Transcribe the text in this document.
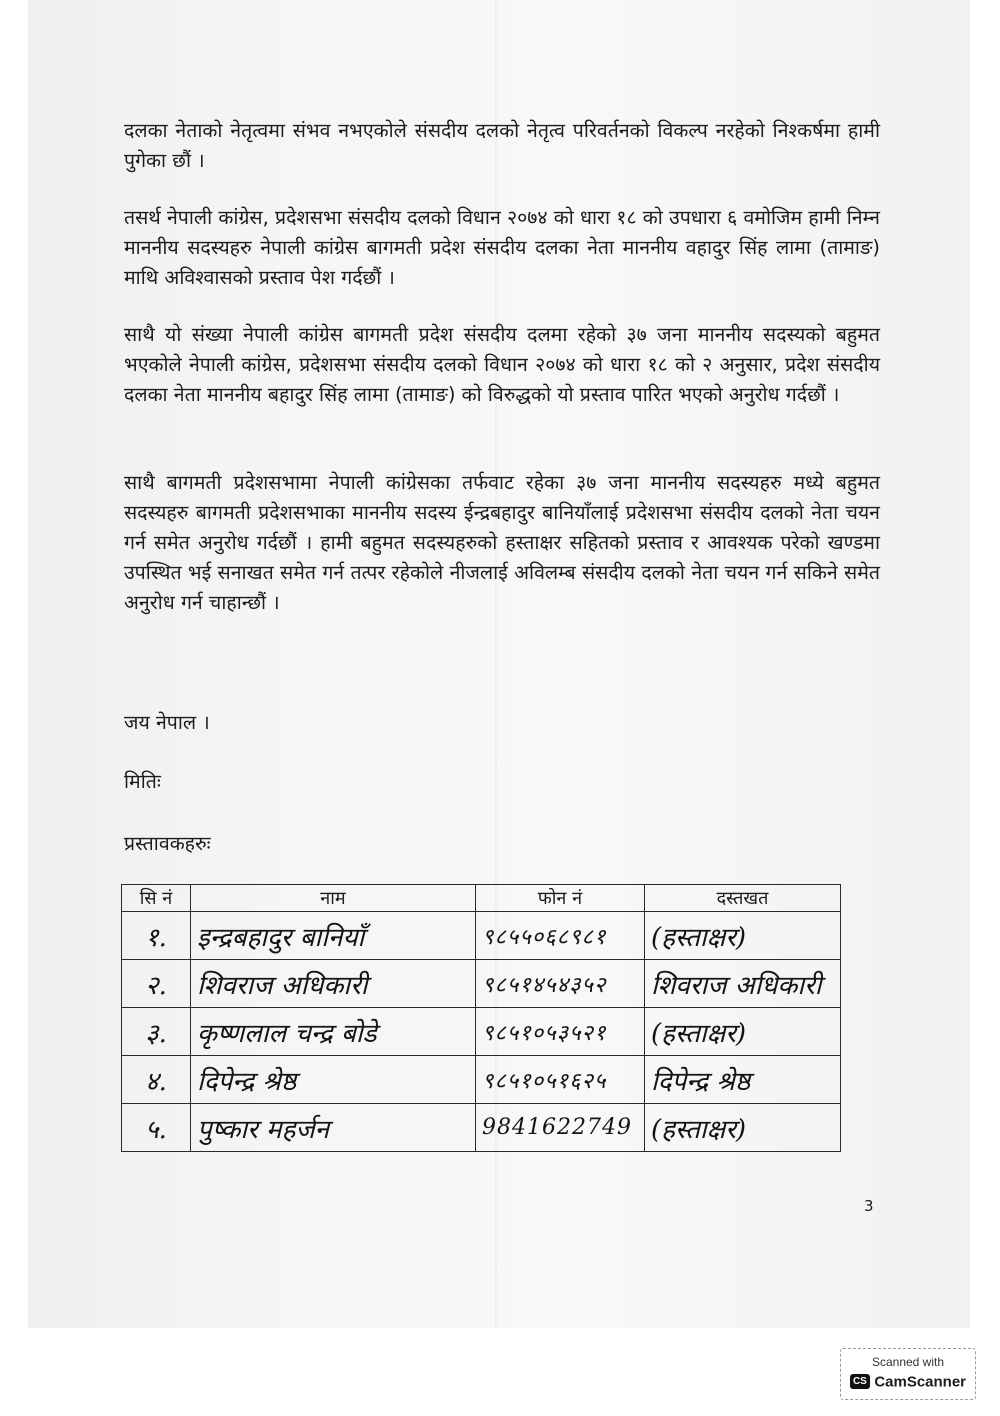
दलका नेताको नेतृत्वमा संभव नभएकोले संसदीय दलको नेतृत्व परिवर्तनको विकल्प नरहेको निश्कर्षमा हामी पुगेका छौं ।

तसर्थ नेपाली कांग्रेस, प्रदेशसभा संसदीय दलको विधान २०७४ को धारा १८ को उपधारा ६ वमोजिम हामी निम्न माननीय सदस्यहरु नेपाली कांग्रेस बागमती प्रदेश संसदीय दलका नेता माननीय वहादुर सिंह लामा (तामाङ) माथि अविश्वासको प्रस्ताव पेश गर्दछौं ।

साथै यो संख्या नेपाली कांग्रेस बागमती प्रदेश संसदीय दलमा रहेको ३७ जना माननीय सदस्यको बहुमत भएकोले नेपाली कांग्रेस, प्रदेशसभा संसदीय दलको विधान २०७४ को धारा १८ को २ अनुसार, प्रदेश संसदीय दलका नेता माननीय बहादुर सिंह लामा (तामाङ) को विरुद्धको यो प्रस्ताव पारित भएको अनुरोध गर्दछौं ।

साथै बागमती प्रदेशसभामा नेपाली कांग्रेसका तर्फवाट रहेका ३७ जना माननीय सदस्यहरु मध्ये बहुमत सदस्यहरु बागमती प्रदेशसभाका माननीय सदस्य ईन्द्रबहादुर बानियाँलाई प्रदेशसभा संसदीय दलको नेता चयन गर्न समेत अनुरोध गर्दछौं । हामी बहुमत सदस्यहरुको हस्ताक्षर सहितको प्रस्ताव र आवश्यक परेको खण्डमा उपस्थित भई सनाखत समेत गर्न तत्पर रहेकोले नीजलाई अविलम्ब संसदीय दलको नेता चयन गर्न सकिने समेत अनुरोध गर्न चाहान्छौं ।

जय नेपाल ।

मितिः

प्रस्तावकहरुः

सि नं	नाम	फोन नं	दस्तखत
१.	इन्द्रबहादुर बानियाँ	९८५५०६८९८१	(हस्ताक्षर)
२.	शिवराज अधिकारी	९८५१४५४३५२	शिवराज अधिकारी
३.	कृष्णलाल चन्द्र बोडे	९८५१०५३५२१	(हस्ताक्षर)
४.	दिपेन्द्र श्रेष्ठ	९८५१०५१६२५	दिपेन्द्र श्रेष्ठ
५.	पुष्कार महर्जन	9841622749	(हस्ताक्षर)

3

Scanned with
CS CamScanner
